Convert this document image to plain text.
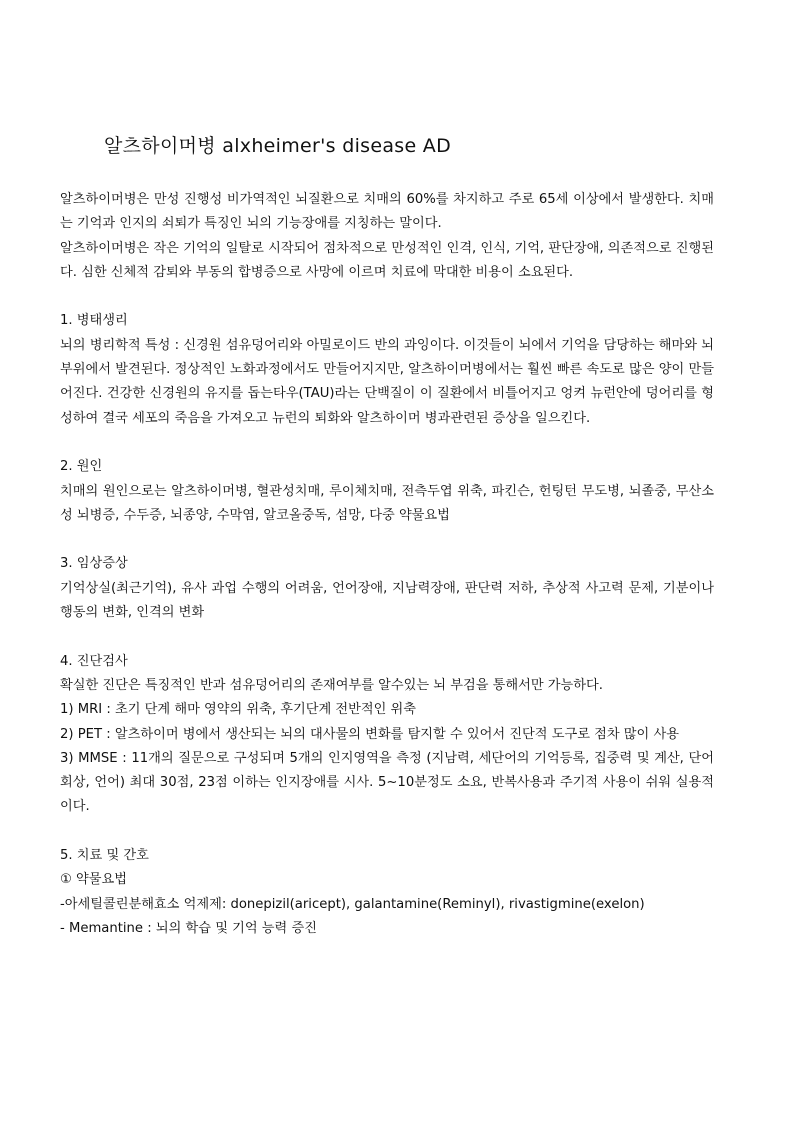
알츠하이머병 alxheimer's disease AD

알츠하이머병은 만성 진행성 비가역적인 뇌질환으로 치매의 60%를 차지하고 주로 65세 이상에서 발생한다. 치매는 기억과 인지의 쇠퇴가 특징인 뇌의 기능장애를 지칭하는 말이다.

알츠하이머병은 작은 기억의 일탈로 시작되어 점차적으로 만성적인 인격, 인식, 기억, 판단장애, 의존적으로 진행된다. 심한 신체적 감퇴와 부동의 합병증으로 사망에 이르며 치료에 막대한 비용이 소요된다.

1. 병태생리

뇌의 병리학적 특성 : 신경원 섬유덩어리와 아밀로이드 반의 과잉이다. 이것들이 뇌에서 기억을 담당하는 해마와 뇌 부위에서 발견된다. 정상적인 노화과정에서도 만들어지지만, 알츠하이머병에서는 훨씬 빠른 속도로 많은 양이 만들어진다. 건강한 신경원의 유지를 돕는타우(TAU)라는 단백질이 이 질환에서 비틀어지고 엉켜 뉴런안에 덩어리를 형성하여 결국 세포의 죽음을 가져오고 뉴런의 퇴화와 알츠하이머 병과관련된 증상을 일으킨다.

2. 원인

치매의 원인으로는 알츠하이머병, 혈관성치매, 루이체치매, 전측두엽 위축, 파킨슨, 헌팅턴 무도병, 뇌졸중, 무산소성 뇌병증, 수두증, 뇌종양, 수막염, 알코올중독, 섬망, 다중 약물요법

3. 임상증상

기억상실(최근기억), 유사 과업 수행의 어려움, 언어장애, 지남력장애, 판단력 저하, 추상적 사고력 문제, 기분이나 행동의 변화, 인격의 변화

4. 진단검사

확실한 진단은 특징적인 반과 섬유덩어리의 존재여부를 알수있는 뇌 부검을 통해서만 가능하다.

1) MRI : 초기 단계 해마 영약의 위축, 후기단계 전반적인 위축

2) PET : 알츠하이머 병에서 생산되는 뇌의 대사물의 변화를 탐지할 수 있어서 진단적 도구로 점차 많이 사용

3) MMSE : 11개의 질문으로 구성되며 5개의 인지영역을 측정 (지남력, 세단어의 기억등록, 집중력 및 계산, 단어회상, 언어) 최대 30점, 23점 이하는 인지장애를 시사. 5~10분정도 소요, 반복사용과 주기적 사용이 쉬워 실용적이다.

5. 치료 및 간호

① 약물요법

-아세틸콜린분해효소 억제제: donepizil(aricept), galantamine(Reminyl), rivastigmine(exelon)

- Memantine : 뇌의 학습 및 기억 능력 증진
